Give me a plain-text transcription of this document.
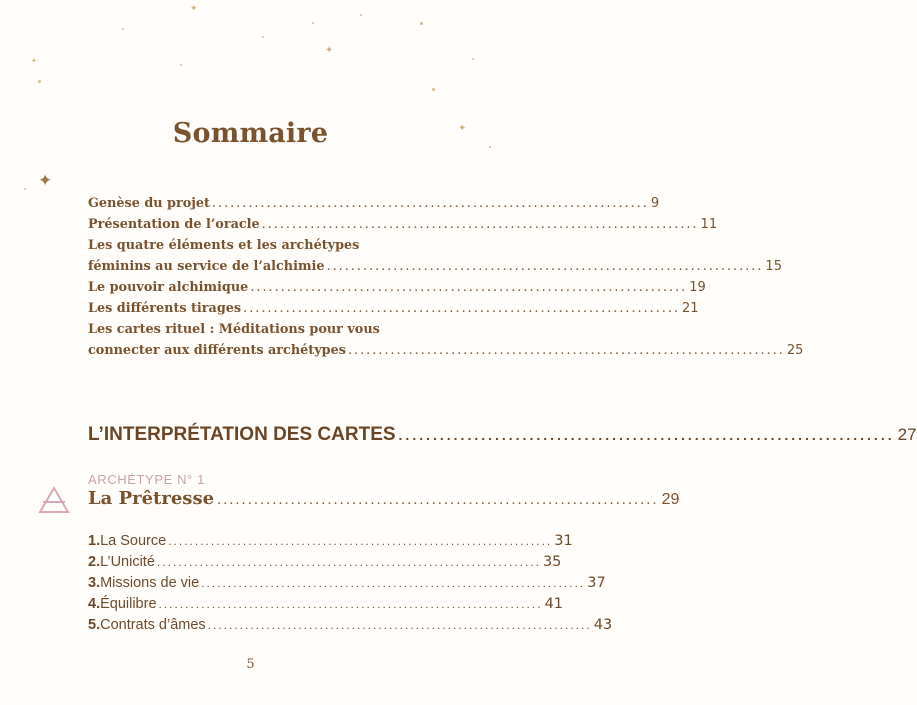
✦
✦
✦
✦
✦
Sommaire
Genèse du projet ........................................................................ 9
Présentation de l’oracle ........................................................................ 11
Les quatre éléments et les archétypes
féminins au service de l’alchimie ........................................................................ 15
Le pouvoir alchimique ........................................................................ 19
Les différents tirages ........................................................................ 21
Les cartes rituel : Méditations pour vous
connecter aux différents archétypes ........................................................................ 25
L’INTERPRÉTATION DES CARTES ........................................................................ 27
ARCHÉTYPE N° 1
La Prêtresse ........................................................................ 29
1. La Source ........................................................................ 31
2. L’Unicité ........................................................................ 35
3. Missions de vie ........................................................................ 37
4. Équilibre ........................................................................ 41
5. Contrats d’âmes ........................................................................ 43
5
